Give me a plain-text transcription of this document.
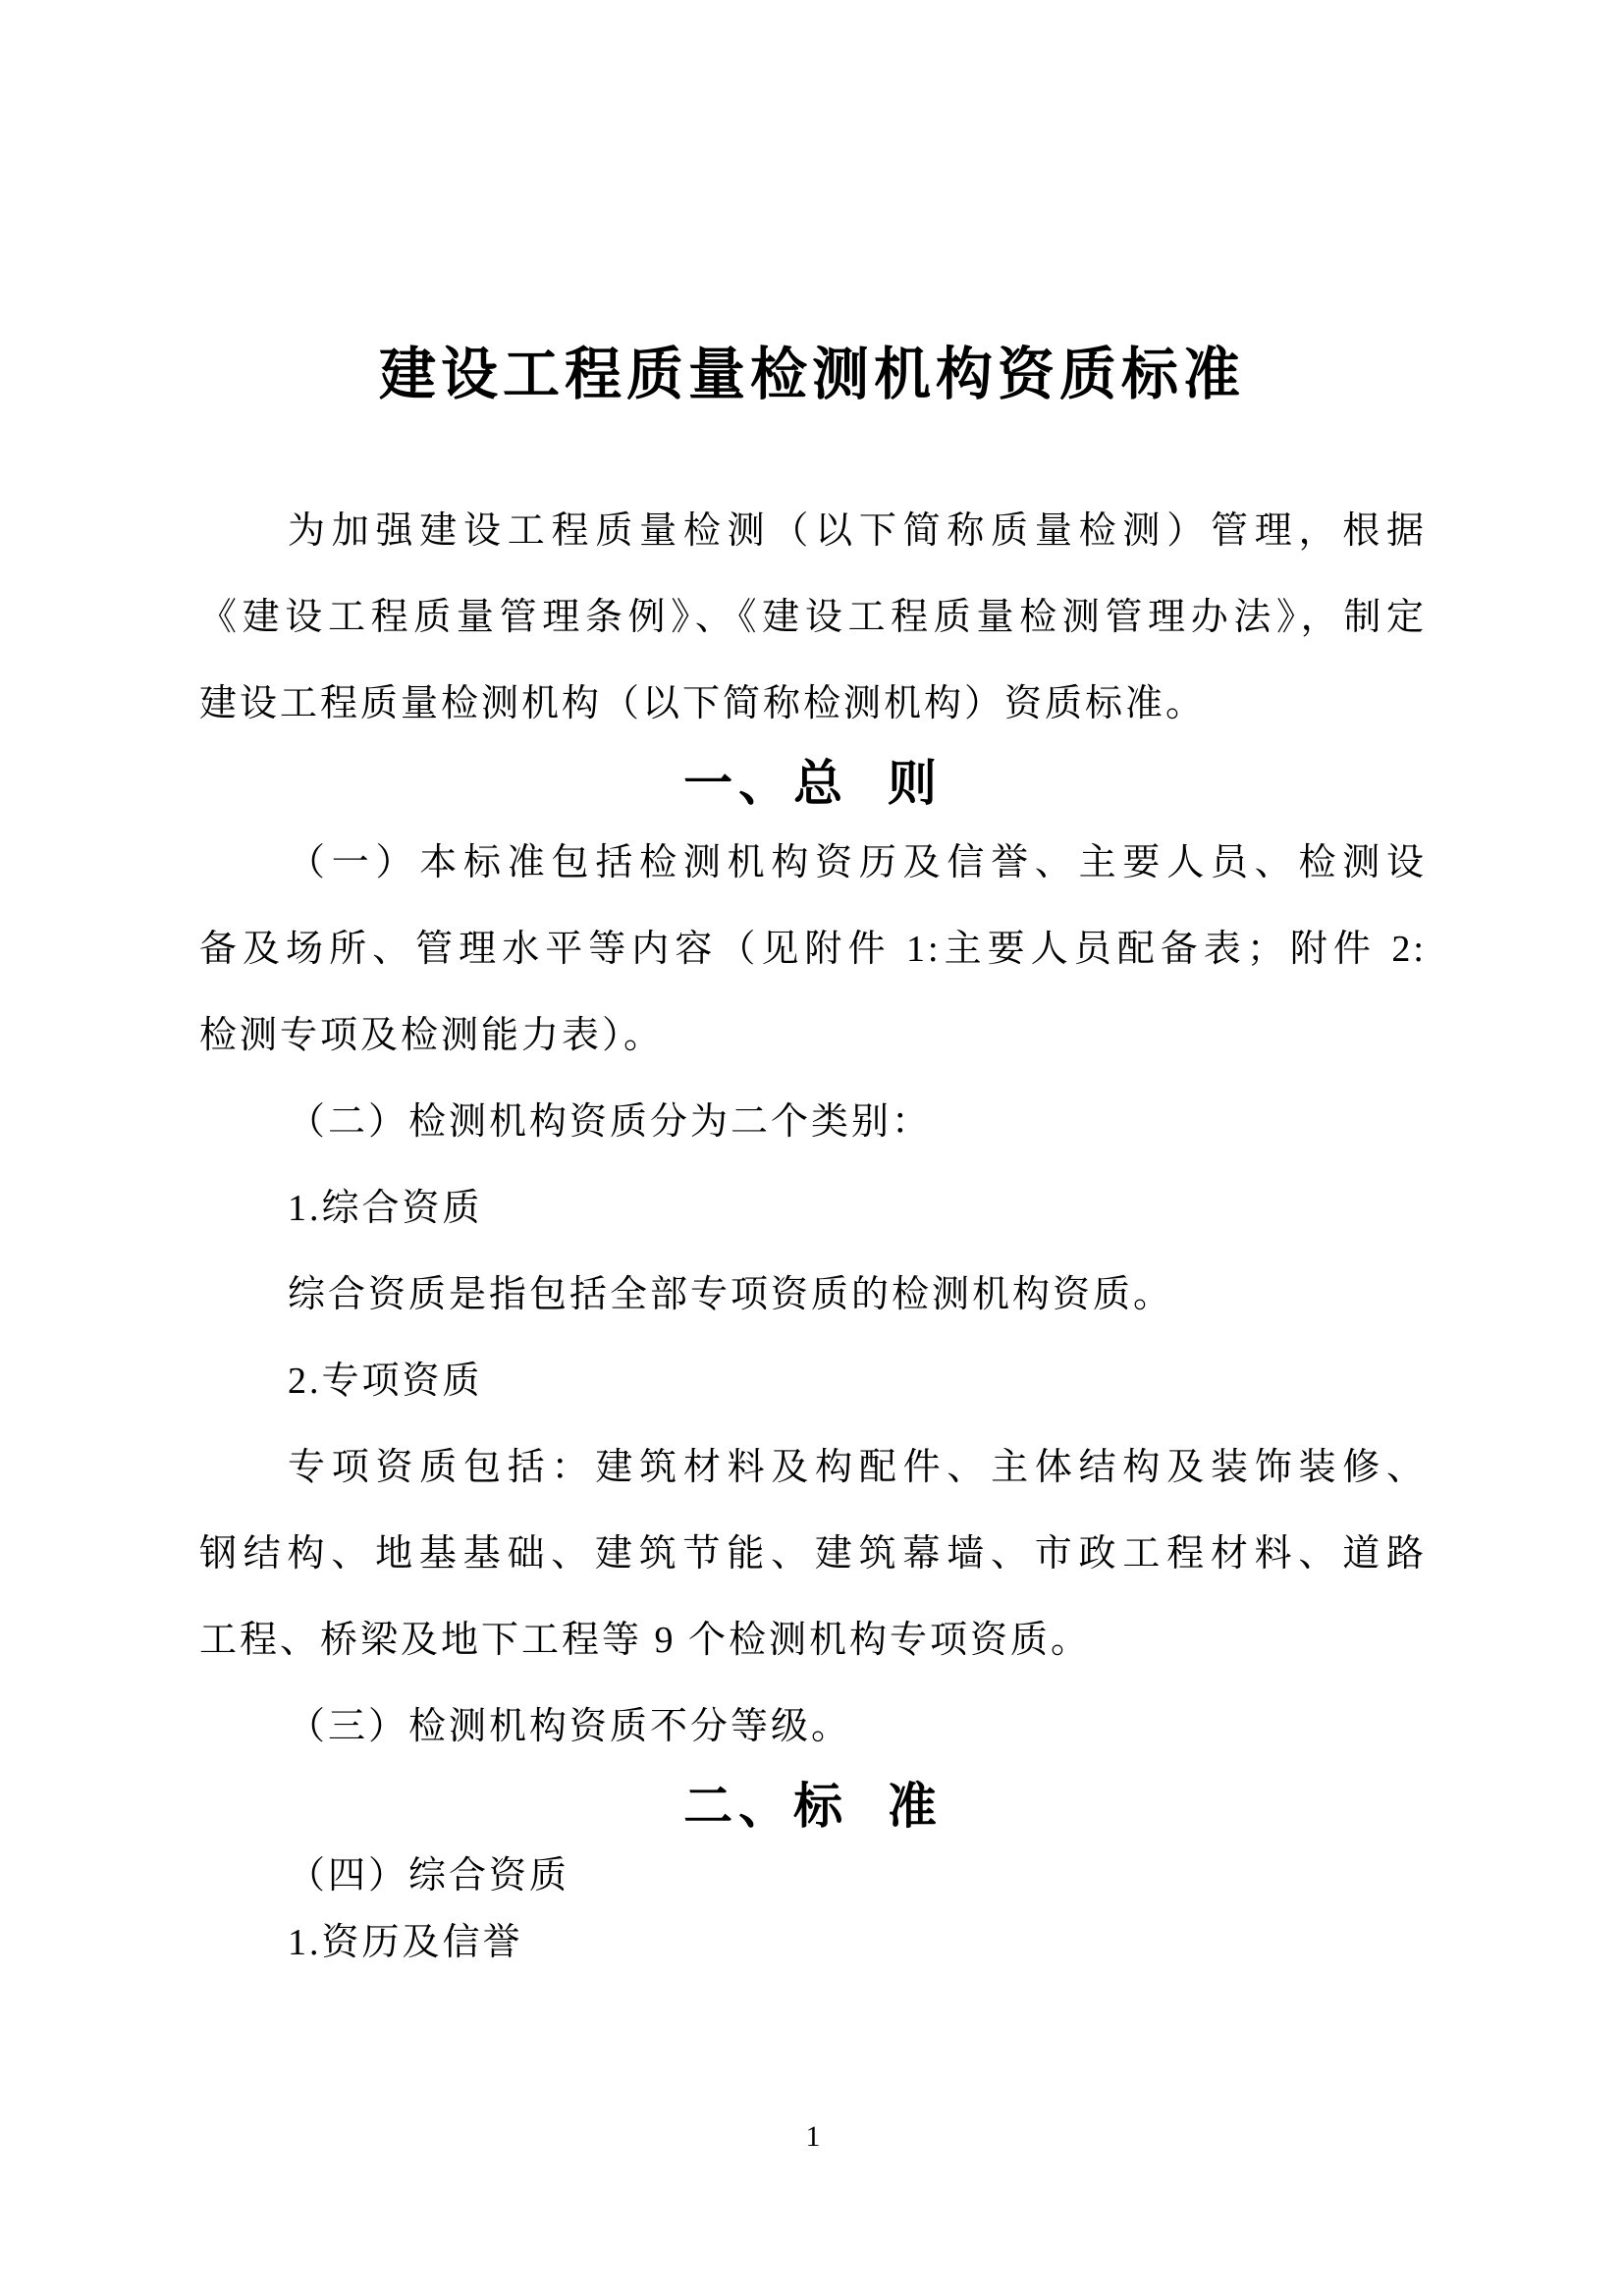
建设工程质量检测机构资质标准
为加强建设工程质量检测（以下简称质量检测）管理，根据
《建设工程质量管理条例》、《建设工程质量检测管理办法》，制定
建设工程质量检测机构（以下简称检测机构）资质标准。
一、总  则
（一）本标准包括检测机构资历及信誉、主要人员、检测设
备及场所、管理水平等内容（见附件 1:主要人员配备表；附件 2:
检测专项及检测能力表）。
（二）检测机构资质分为二个类别：
1.综合资质
综合资质是指包括全部专项资质的检测机构资质。
2.专项资质
专项资质包括：建筑材料及构配件、主体结构及装饰装修、
钢结构、地基基础、建筑节能、建筑幕墙、市政工程材料、道路
工程、桥梁及地下工程等 9 个检测机构专项资质。
（三）检测机构资质不分等级。
二、标  准
（四）综合资质
1.资历及信誉
1
